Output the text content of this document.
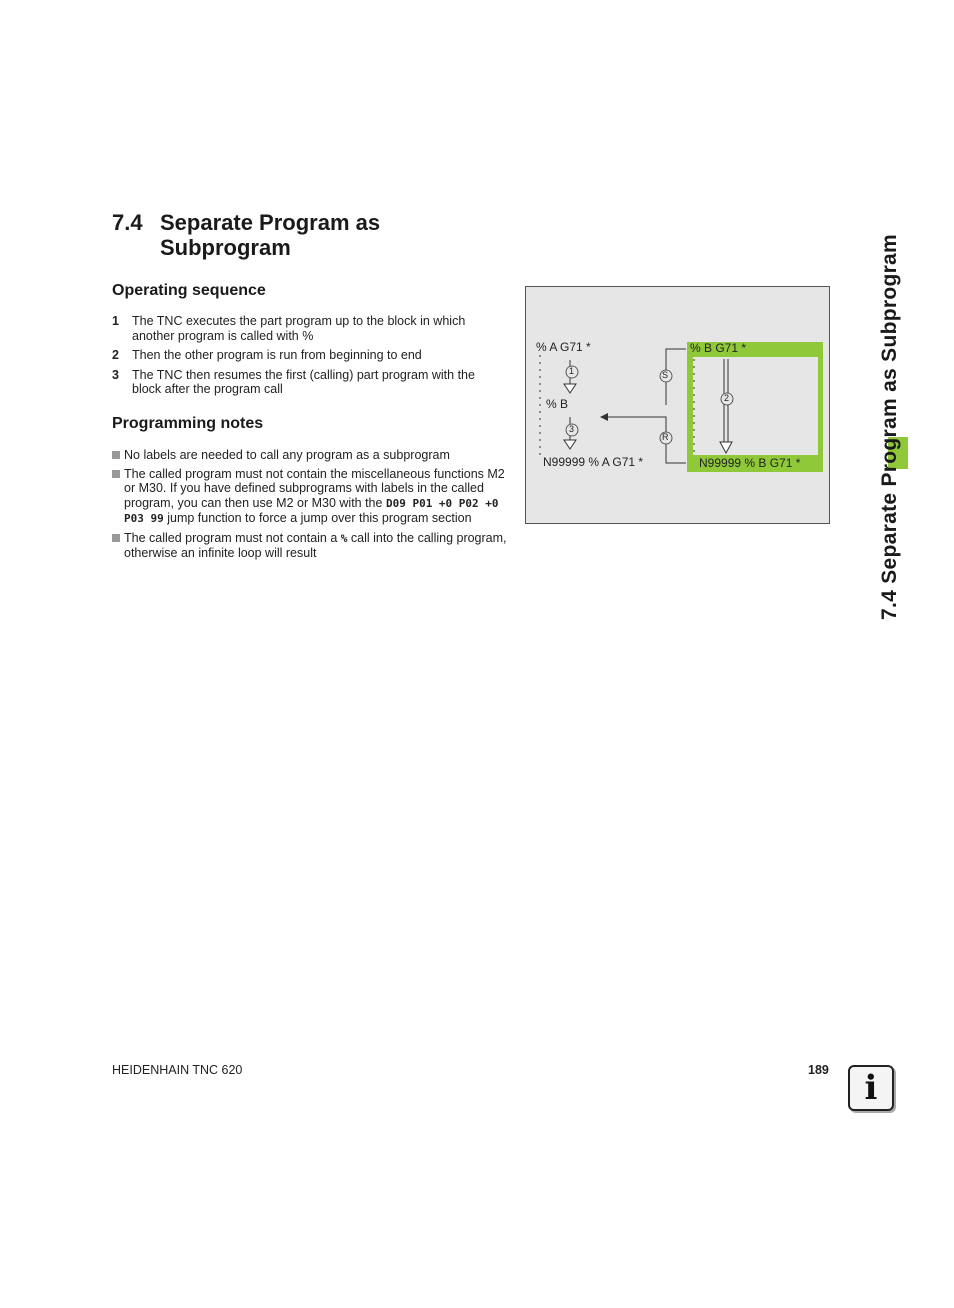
7.4 Separate Program as
Subprogram
Operating sequence
1	The TNC executes the part program up to the block in which another program is called with %
2	Then the other program is run from beginning to end
3	The TNC then resumes the first (calling) part program with the block after the program call
Programming notes
No labels are needed to call any program as a subprogram
The called program must not contain the miscellaneous functions M2 or M30. If you have defined subprograms with labels in the called program, you can then use M2 or M30 with the D09 P01 +0 P02 +0 P03 99 jump function to force a jump over this program section
The called program must not contain a % call into the calling program, otherwise an infinite loop will result
% A G71 *
% B
N99999 % A G71 *
% B G71 *
N99999 % B G71 *
1
3
S
R
2	7.4 Separate Program as Subprogram
HEIDENHAIN TNC 620	189	i
